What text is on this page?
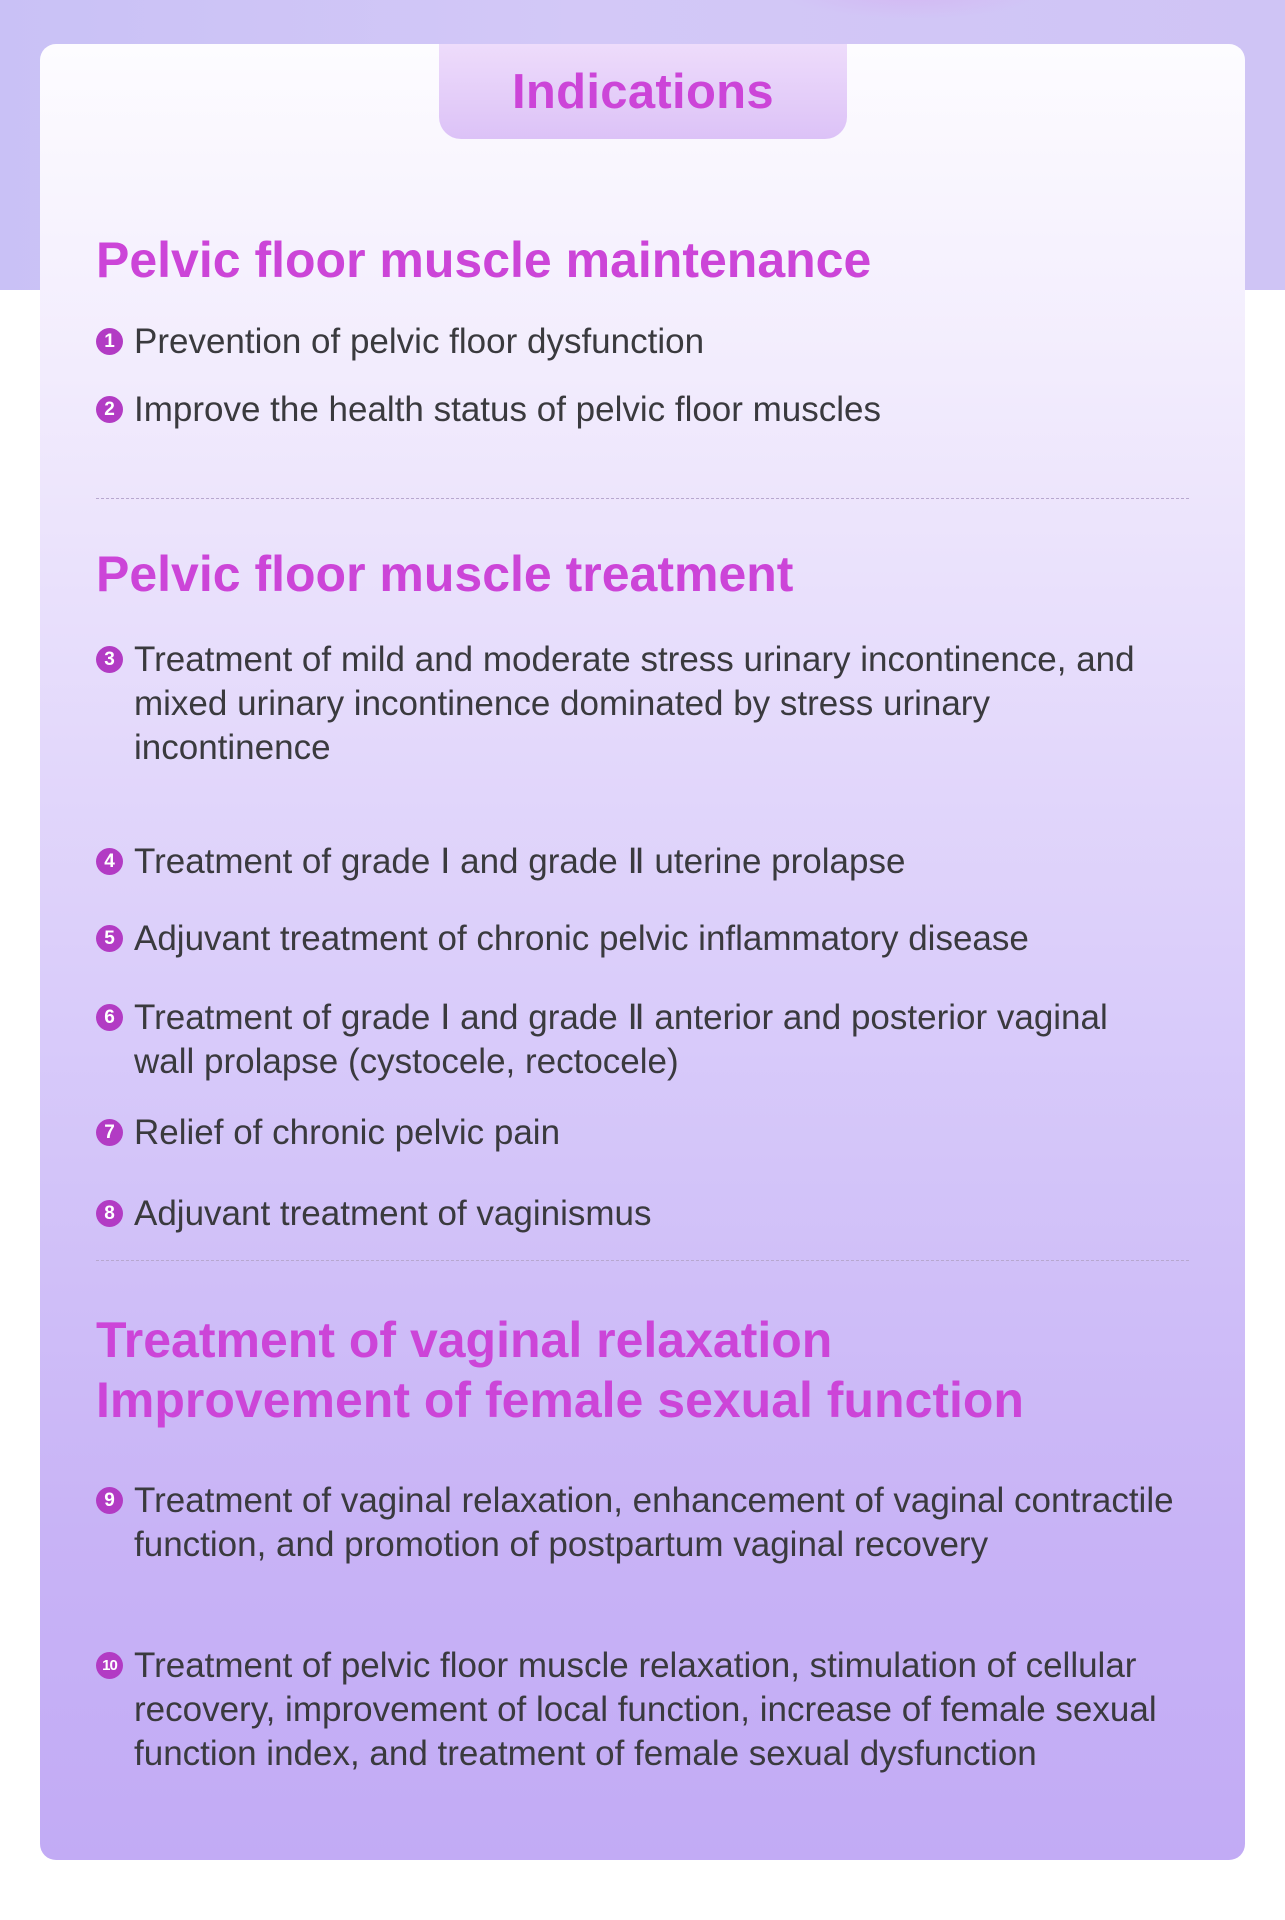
Indications
Pelvic floor muscle maintenance
1 Prevention of pelvic floor dysfunction
2 Improve the health status of pelvic floor muscles
Pelvic floor muscle treatment
3 Treatment of mild and moderate stress urinary incontinence, and mixed urinary incontinence dominated by stress urinary incontinence
4 Treatment of grade Ⅰ and grade Ⅱ uterine prolapse
5 Adjuvant treatment of chronic pelvic inflammatory disease
6 Treatment of grade Ⅰ and grade Ⅱ anterior and posterior vaginal wall prolapse (cystocele, rectocele)
7 Relief of chronic pelvic pain
8 Adjuvant treatment of vaginismus
Treatment of vaginal relaxation
Improvement of female sexual function
9 Treatment of vaginal relaxation, enhancement of vaginal contractile function, and promotion of postpartum vaginal recovery
10 Treatment of pelvic floor muscle relaxation, stimulation of cellular recovery, improvement of local function, increase of female sexual function index, and treatment of female sexual dysfunction
